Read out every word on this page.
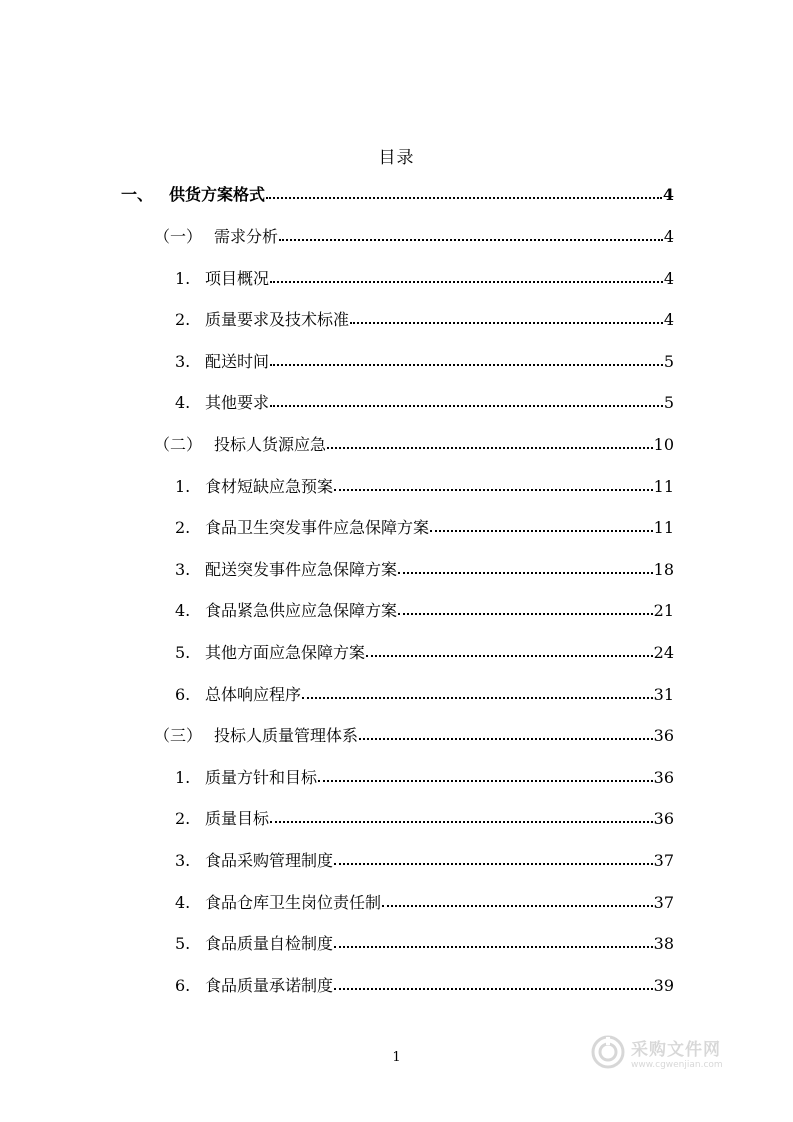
目录
一、 供货方案格式	4
（一） 需求分析	4
1. 项目概况	4
2. 质量要求及技术标准	4
3. 配送时间	5
4. 其他要求	5
（二） 投标人货源应急	10
1. 食材短缺应急预案	11
2. 食品卫生突发事件应急保障方案	11
3. 配送突发事件应急保障方案	18
4. 食品紧急供应应急保障方案	21
5. 其他方面应急保障方案	24
6. 总体响应程序	31
（三） 投标人质量管理体系	36
1. 质量方针和目标	36
2. 质量目标	36
3. 食品采购管理制度	37
4. 食品仓库卫生岗位责任制	37
5. 食品质量自检制度	38
6. 食品质量承诺制度	39
1	采购文件网
www.cgwenjian.com
